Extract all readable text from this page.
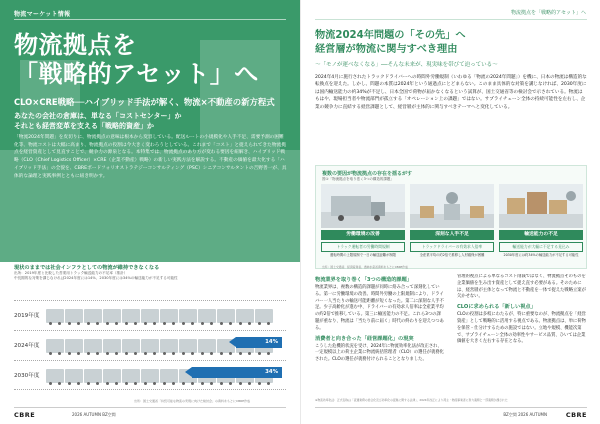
物流マーケット情報
物流拠点を
「戦略的アセット」へ
CLO×CRE戦略──ハイブリッド手法が解く、物流×不動産の新方程式
あなたの会社の倉庫は、単なる「コストセンター」か
それとも経営変革を支える「戦略的資産」か
「物流2024年問題」を皮切りに、物流拠点の意味は根本から変容している。配送ルートの小規模化や人手不足、需要予測の困難化等、物流コストは大幅に高まり、物流拠点の役割は今大きく変わろうとしている。これまで「コスト」と捉えられてきた物流拠点を経営資産として見直すことで、競争力の源泉となる。本特集では、物流拠点のあり方が変わる要因を紐解き、ハイブリッド戦略（CLO（Chief Logistics Officer）×CRE（企業不動産）戦略）の新しい実践方法を解説する。不動産の価値を最大化する「ハイブリッド手法」の全貌を、CBREボードフォリオストラテジーコンサルティング（PSC）シニアコンサルタントの吉野善一が、具体的な論理と実践事例とともに紐き明かす。
現状のままでは社会インフラとしての物流が維持できなくなる
出所：2019年度と比較した営業用トラック輸送能力の不足率（推計）
中長期的な対策を講じなければ2024年度には14%、2030年度には34%の輸送能力が不足する可能性
2019年度
2024年度
14%
2030年度
34%
出所：国土交通省「持続可能な物流の実現に向けた検討会」の資料をもとにCBRE作成
CBRE	2026 AUTUMN BZ空間
物流拠点を「戦略的アセット」へ
物流2024年問題の「その先」へ
経営層が物流に関与すべき理由
〜「モノが運べなくなる」──そんな未来が、現実味を帯びて迫っている〜
2024年4月に施行されたトラックドライバーへの時間外労働規制（いわゆる「物流の2024年問題」）を機に、日本の物流は構造的な転換点を迎えた。しかし、問題の本質は2024年という通過点にとどまらない。このまま具体的な対策を講じなければ、2030年度には国内輸送能力の約34%が不足し、日本全国で荷物が届かなくなるという試算が、国土交通省等の検討会で示されている。物流はもはや、現場担当者や物流部門が孤立する「オペレーション上の課題」ではない。サプライチェーン全体の持続可能性を左右し、企業の競争力に直結する経営課題として、経営層が主体的に関与すべきテーマへと変化している。
複数の要因が物流拠点の存在を揺るがす
図①「物流拠点を取り巻く3つの構造的課題」
労働環境の改善
トラック運転者の労働時間規制
運転時間の上限規制で一日の輸送距離が制限
深刻な人手不足
トラックドライバーの有効求人倍率
全産業平均の約2倍で推移し人材確保が困難
輸送能力の不足
輸送能力が大幅に不足する見込み
2030年度には約34%の輸送能力が不足する可能性
出所：国土交通省、経済産業省、農林水産省資料をもとにCBRE作成
物流業界を取り巻く「3つの構造的課題」
物流業界は、複数の構造的課題が同時に絡み合って深刻化している。第一に労働環境の改善。時間外労働の上限規制により、ドライバー一人当たりの輸送可能距離が短くなった。第二に深刻な人手不足。少子高齢化が進む中、ドライバーの有効求人倍率は全産業平均の約2倍で推移している。第三に輸送能力の不足。これら3つの課題が重なり、物流は「当たり前に届く」時代の終わりを迎えつつある。
消費者と向き合った「経営課題化」の現実
こうした危機的状況を受け、2024年に物流効率化法が改正され、一定規模以上の荷主企業に物流統括管理者（CLO）の選任が義務化された。CLOの選任が義務付けられることとなりました。
管理的視点による単なるコスト削減ではなく、物流拠点そのものを企業価値を生み出す資産として捉え直す必要がある。そのためには、経営層が主体となって物流と不動産を一体で捉えた戦略立案が欠かせない。
CLOに求められる「新しい視点」
CLOの役割は多岐にわたるが、特に重要なのが、物流拠点を「経営資産」として戦略的に活用する視点である。物流拠点は、単に荷物を保管・仕分けするための施設ではない。立地や規模、機能次第で、サプライチェーン全体の効率性やサービス品質、ひいては企業価値を大きく左右する存在となる。
※物流効率化法：正式名称は「流通業務の総合化及び効率化の促進に関する法律」、2024年改正により荷主・物流事業者に努力義務と一部義務が課された
BZ空間 2026 AUTUMN	CBRE
